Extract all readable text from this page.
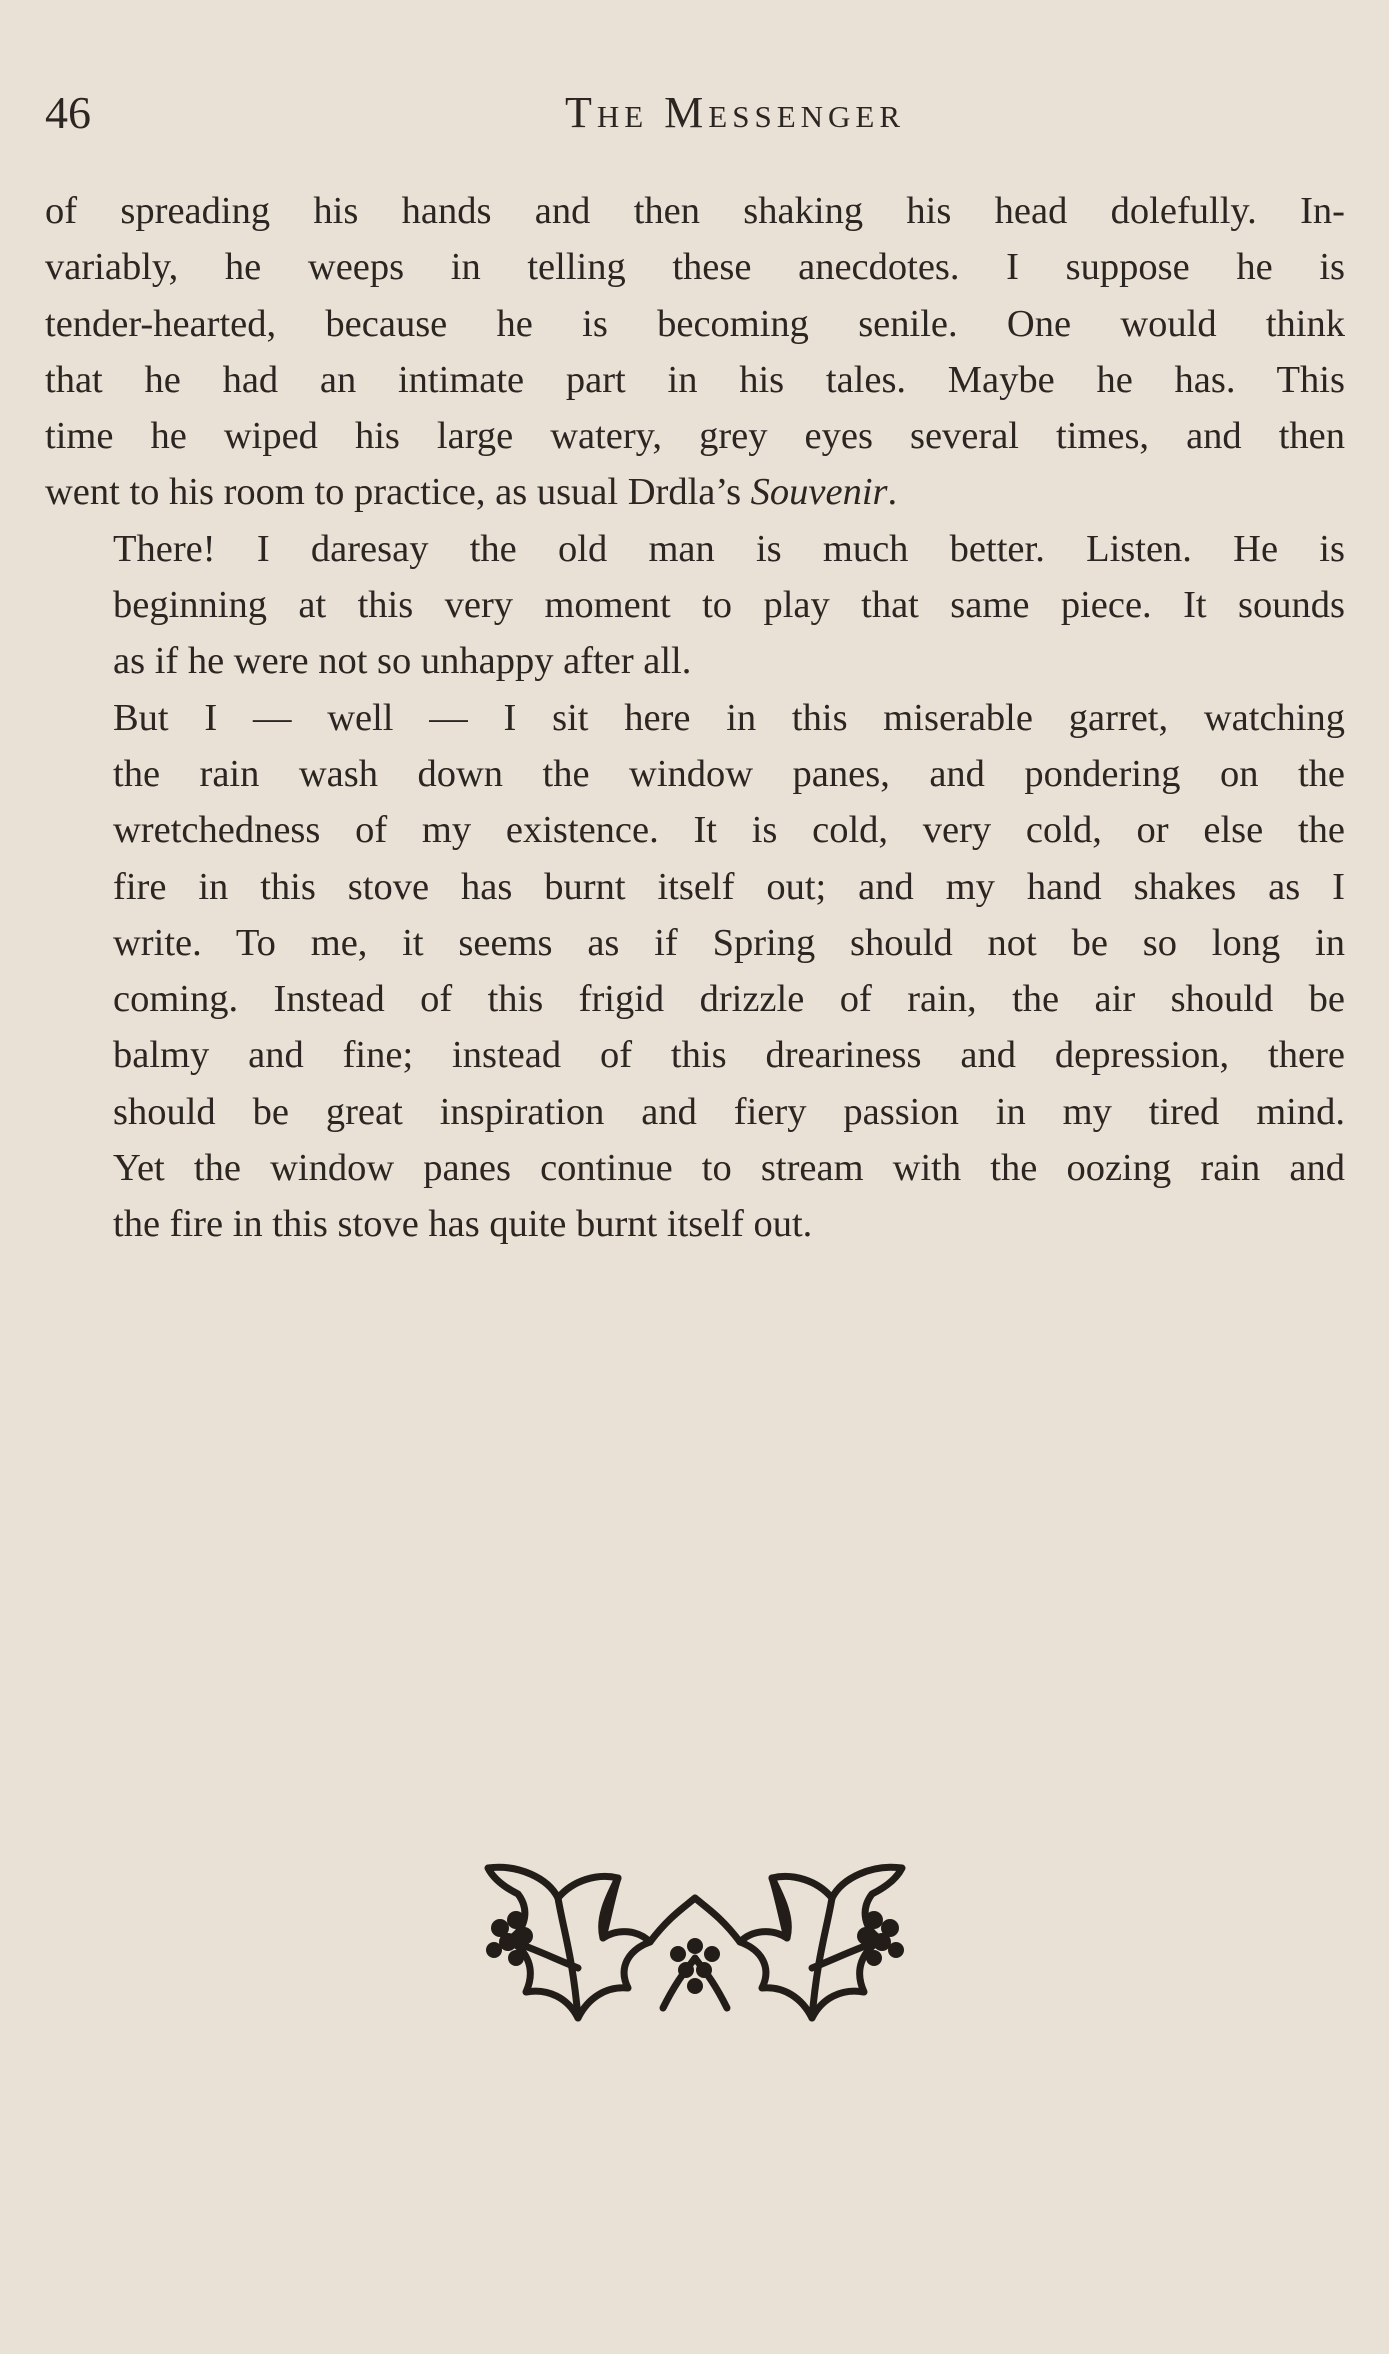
46	The Messenger

of spreading his hands and then shaking his head dolefully. In-
variably, he weeps in telling these anecdotes. I suppose he is
tender-hearted, because he is becoming senile. One would think
that he had an intimate part in his tales. Maybe he has. This
time he wiped his large watery, grey eyes several times, and then
went to his room to practice, as usual Drdla’s Souvenir.

There! I daresay the old man is much better. Listen. He is
beginning at this very moment to play that same piece. It sounds
as if he were not so unhappy after all.

But I — well — I sit here in this miserable garret, watching
the rain wash down the window panes, and pondering on the
wretchedness of my existence. It is cold, very cold, or else the
fire in this stove has burnt itself out; and my hand shakes as I
write. To me, it seems as if Spring should not be so long in
coming. Instead of this frigid drizzle of rain, the air should be
balmy and fine; instead of this dreariness and depression, there
should be great inspiration and fiery passion in my tired mind.
Yet the window panes continue to stream with the oozing rain and
the fire in this stove has quite burnt itself out.
